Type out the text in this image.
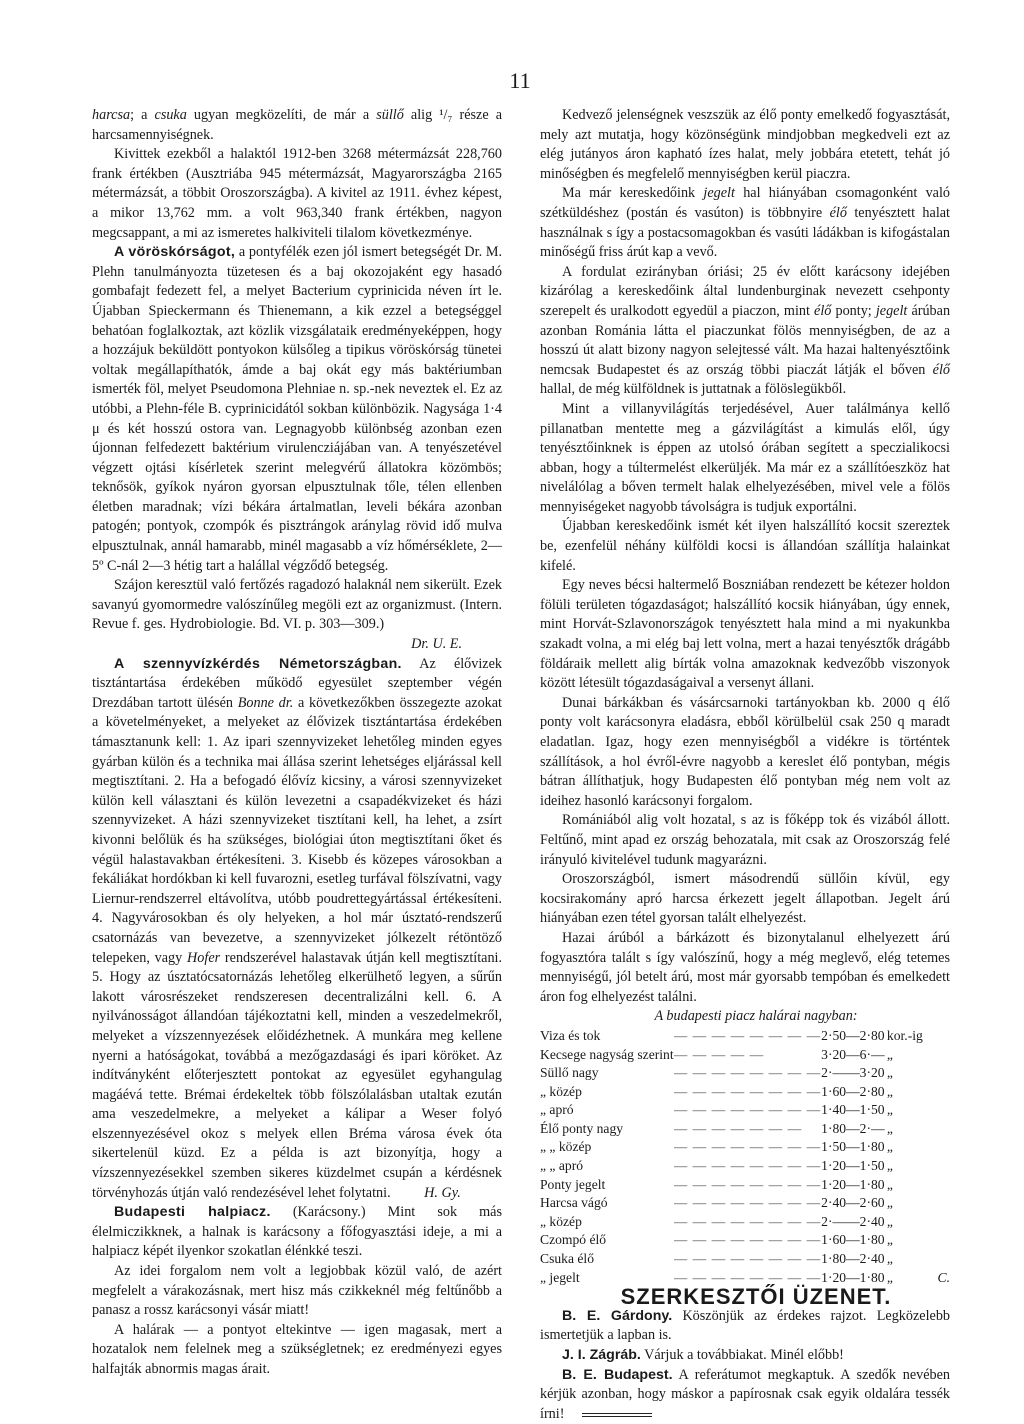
11

harcsa; a csuka ugyan megközelíti, de már a süllő alig ¹/₇ része a harcsamennyiségnek.

Kivittek ezekből a halaktól 1912-ben 3268 métermázsát 228,760 frank értékben (Ausztriába 945 métermázsát, Magyarországba 2165 métermázsát, a többit Oroszországba). A kivitel az 1911. évhez képest, a mikor 13,762 mm. a volt 963,340 frank értékben, nagyon megcsappant, a mi az ismeretes halkiviteli tilalom következménye.

A vöröskórságot, a pontyfélék ezen jól ismert betegségét Dr. M. Plehn tanulmányozta tüzetesen és a baj okozojaként egy hasadó gombafajt fedezett fel, a melyet Bacterium cyprinicida néven írt le. Újabban Spieckermann és Thienemann, a kik ezzel a betegséggel behatóan foglalkoztak, azt közlik vizsgálataik eredményeképpen, hogy a hozzájuk beküldött pontyokon külsőleg a tipikus vöröskórság tünetei voltak megállapíthatók, ámde a baj okát egy más baktériumban ismerték föl, melyet Pseudomona Plehniae n. sp.-nek neveztek el. Ez az utóbbi, a Plehn-féle B. cyprinicidától sokban különbözik. Nagysága 1·4 μ és két hosszú ostora van. Legnagyobb különbség azonban ezen újonnan felfedezett baktérium virulencziájában van. A tenyészetével végzett ojtási kísérletek szerint melegvérű állatokra közömbös; teknősök, gyíkok nyáron gyorsan elpusztulnak tőle, télen ellenben életben maradnak; vízi békára ártalmatlan, leveli békára azonban patogén; pontyok, czompók és pisztrángok aránylag rövid idő mulva elpusztulnak, annál hamarabb, minél magasabb a víz hőmérséklete, 2—5º C-nál 2—3 hétig tart a halállal végződő betegség.

Szájon keresztül való fertőzés ragadozó halaknál nem sikerült. Ezek savanyú gyomormedre valószínűleg megöli ezt az organizmust. (Intern. Revue f. ges. Hydrobiologie. Bd. VI. p. 303—309.)

Dr. U. E.

A szennyvízkérdés Németországban. Az élővizek tisztántartása érdekében működő egyesület szeptember végén Drezdában tartott ülésén Bonne dr. a következőkben összegezte azokat a követelményeket, a melyeket az élővizek tisztántartása érdekében támasztanunk kell: 1. Az ipari szennyvizeket lehetőleg minden egyes gyárban külön és a technika mai állása szerint lehetséges eljárással kell megtisztítani. 2. Ha a befogadó élővíz kicsiny, a városi szennyvizeket külön kell választani és külön levezetni a csapadékvizeket és házi szennyvizeket. A házi szennyvizeket tisztítani kell, ha lehet, a zsírt kivonni belőlük és ha szükséges, biológiai úton megtisztítani őket és végül halastavakban értékesíteni. 3. Kisebb és közepes városokban a fekáliákat hordókban ki kell fuvarozni, esetleg turfával fölszívatni, vagy Liernur-rendszerrel eltávolítva, utóbb poudrettegyártással értékesíteni. 4. Nagyvárosokban és oly helyeken, a hol már úsztató-rendszerű csatornázás van bevezetve, a szennyvizeket jólkezelt rétöntöző telepeken, vagy Hofer rendszerével halastavak útján kell megtisztítani. 5. Hogy az úsztatócsatornázás lehetőleg elkerülhető legyen, a sűrűn lakott városrészeket rendszeresen decentralizálni kell. 6. A nyilvánosságot állandóan tájékoztatni kell, minden a veszedelmekről, melyeket a vízszennyezések előidézhetnek. A munkára meg kellene nyerni a hatóságokat, továbbá a mezőgazdasági és ipari köröket. Az indítványként előterjesztett pontokat az egyesület egyhangulag magáévá tette. Brémai érdekeltek több fölszólalásban utaltak ezután ama veszedelmekre, a melyeket a kálipar a Weser folyó elszennyezésével okoz s melyek ellen Bréma városa évek óta sikertelenül küzd. Ez a példa is azt bizonyítja, hogy a vízszennyezésekkel szemben sikeres küzdelmet csupán a kérdésnek törvényhozás útján való rendezésével lehet folytatni. H. Gy.

Budapesti halpiacz. (Karácsony.) Mint sok más élelmiczikknek, a halnak is karácsony a főfogyasztási ideje, a mi a halpiacz képét ilyenkor szokatlan élénkké teszi.

Az idei forgalom nem volt a legjobbak közül való, de azért megfelelt a várakozásnak, mert hisz más czikkeknél még feltűnőbb a panasz a rossz karácsonyi vásár miatt!

A halárak — a pontyot eltekintve — igen magasak, mert a hozatalok nem felelnek meg a szükségletnek; ez eredményezi egyes halfajták abnormis magas árait.

Kedvező jelenségnek veszszük az élő ponty emelkedő fogyasztását, mely azt mutatja, hogy közönségünk mindjobban megkedveli ezt az elég jutányos áron kapható ízes halat, mely jobbára etetett, tehát jó minőségben és megfelelő mennyiségben kerül piaczra.

Ma már kereskedőink jegelt hal hiányában csomagonként való szétküldéshez (postán és vasúton) is többnyire élő tenyésztett halat használnak s így a postacsomagokban és vasúti ládákban is kifogástalan minőségű friss árút kap a vevő.

A fordulat ezirányban óriási; 25 év előtt karácsony idejében kizárólag a kereskedőink által lundenburginak nevezett csehponty szerepelt és uralkodott egyedül a piaczon, mint élő ponty; jegelt árúban azonban Románia látta el piaczunkat fölös mennyiségben, de az a hosszú út alatt bizony nagyon selejtessé vált. Ma hazai haltenyésztőink nemcsak Budapestet és az ország többi piaczát látják el bőven élő hallal, de még külföldnek is juttatnak a fölöslegükből.

Mint a villanyvilágítás terjedésével, Auer találmánya kellő pillanatban mentette meg a gázvilágítást a kimulás elől, úgy tenyésztőinknek is éppen az utolsó órában segített a speczialikocsi abban, hogy a túltermelést elkerüljék. Ma már ez a szállítóeszköz hat nivelálólag a bőven termelt halak elhelyezésében, mivel vele a fölös mennyiségeket nagyobb távolságra is tudjuk exportálni.

Újabban kereskedőink ismét két ilyen halszállító kocsit szereztek be, ezenfelül néhány külföldi kocsi is állandóan szállítja halainkat kifelé.

Egy neves bécsi haltermelő Boszniában rendezett be kétezer holdon fölüli területen tógazdaságot; halszállító kocsik hiányában, úgy ennek, mint Horvát-Szlavonországok tenyésztett hala mind a mi nyakunkba szakadt volna, a mi elég baj lett volna, mert a hazai tenyésztők drágább földáraik mellett alig bírták volna amazoknak kedvezőbb viszonyok között létesült tógazdaságaival a versenyt állani.

Dunai bárkákban és vásárcsarnoki tartányokban kb. 2000 q élő ponty volt karácsonyra eladásra, ebből körülbelül csak 250 q maradt eladatlan. Igaz, hogy ezen mennyiségből a vidékre is történtek szállítások, a hol évről-évre nagyobb a kereslet élő pontyban, mégis bátran állíthatjuk, hogy Budapesten élő pontyban még nem volt az ideihez hasonló karácsonyi forgalom.

Romániából alig volt hozatal, s az is főképp tok és vizából állott. Feltűnő, mint apad ez ország behozatala, mit csak az Oroszország felé irányuló kivitelével tudunk magyarázni.

Oroszországból, ismert másodrendű süllőin kívül, egy kocsirakomány apró harcsa érkezett jegelt állapotban. Jegelt árú hiányában ezen tétel gyorsan talált elhelyezést.

Hazai árúból a bárkázott és bizonytalanul elhelyezett árú fogyasztóra talált s így valószínű, hogy a még meglevő, elég tetemes mennyiségű, jól betelt árú, most már gyorsabb tempóban és emelkedett áron fog elhelyezést találni.

A budapesti piacz halárai nagyban:

Viza és tok	— — — — — — — —	2·50—2·80	kor.-ig	
Kecsege nagyság szerint	— — — — —	3·20—6·—	„	
Süllő nagy	— — — — — — — —	2·——3·20	„	
„ közép	— — — — — — — —	1·60—2·80	„	
„ apró	— — — — — — — —	1·40—1·50	„	
Élő ponty nagy	— — — — — — —	1·80—2·—	„	
„ „ közép	— — — — — — — —	1·50—1·80	„	
„ „ apró	— — — — — — — —	1·20—1·50	„	
Ponty jegelt	— — — — — — — —	1·20—1·80	„	
Harcsa vágó	— — — — — — — —	2·40—2·60	„	
„ közép	— — — — — — — —	2·——2·40	„	
Czompó élő	— — — — — — — —	1·60—1·80	„	
Csuka élő	— — — — — — — —	1·80—2·40	„	
„ jegelt	— — — — — — — —	1·20—1·80	„	C.

SZERKESZTŐI ÜZENET.

B. E. Gárdony. Köszönjük az érdekes rajzot. Legközelebb ismertetjük a lapban is.

J. I. Zágráb. Várjuk a továbbiakat. Minél előbb!

B. E. Budapest. A referátumot megkaptuk. A szedők nevében kérjük azonban, hogy máskor a papírosnak csak egyik oldalára tessék írni!
